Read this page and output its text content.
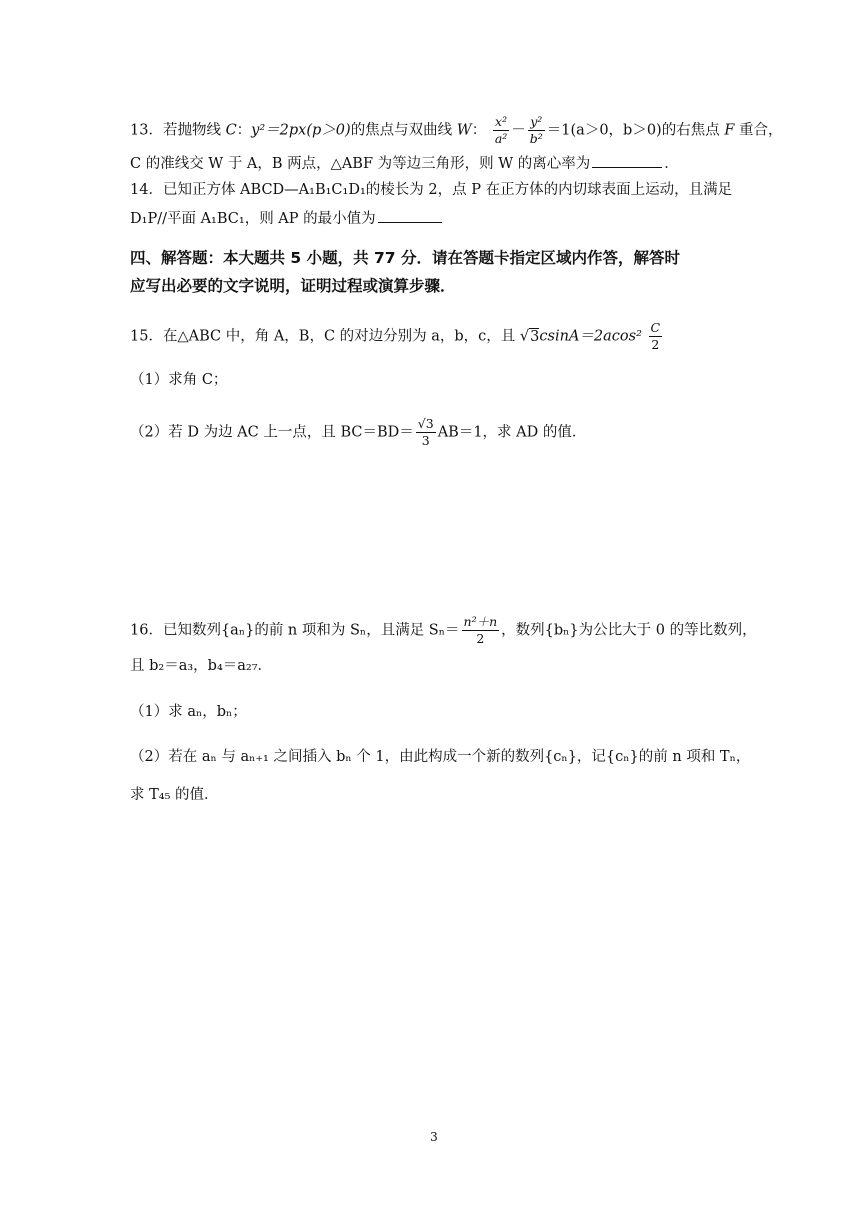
13．若抛物线 C：y²＝2px(p＞0)的焦点与双曲线 W： $\frac{\text{x²}}{\text{a²}} - \frac{\text{y²}}{\text{b²}} =1(a>0$，b＞0)的右焦点 F 重合，
C 的准线交 W 于 A，B 两点，△ABF 为等边三角形，则 W 的离心率为	．
14．已知正方体 ABCD—A₁B₁C₁D₁的棱长为 2，点 P 在正方体的内切球表面上运动，且满足
D₁P//平面 A₁BC₁，则 AP 的最小值为
四、解答题：本大题共 5 小题，共 77 分．请在答题卡指定区域内作答，解答时
应写出必要的文字说明，证明过程或演算步骤．
15．在△ABC 中，角 A，B，C 的对边分别为 a，b，c，且 $√3csinA=2acos^2 \frac{C}{2}$
（1）求角 C；
（2）若 D 为边 AC 上一点，且 $BC=BD= \frac{√3}{3} AB=1$，求 AD 的值．
16．已知数列{aₙ}的前 n 项和为 Sₙ，且满足 $S_n= \frac{\text{n²＋n}}{2}$ ，数列{bₙ}为公比大于 0 的等比数列，
且 b₂＝a₃，b₄＝a₂₇．
（1）求 aₙ，bₙ；
（2）若在 aₙ 与 aₙ₊₁ 之间插入 bₙ 个 1，由此构成一个新的数列{cₙ}，记{cₙ}的前 n 项和 Tₙ，
求 T₄₅ 的值．
3
